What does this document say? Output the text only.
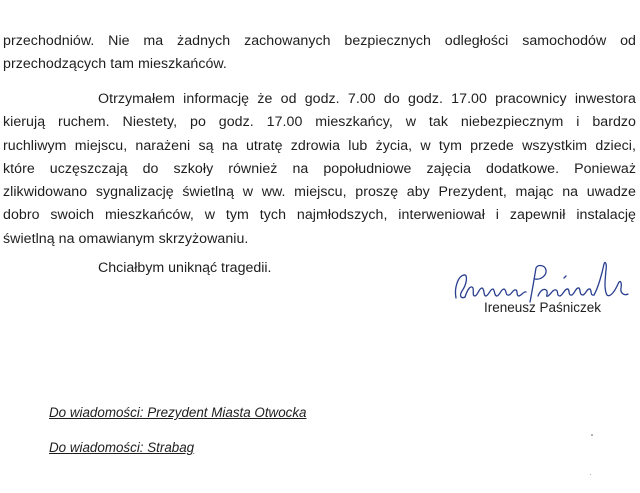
przechodniów. Nie ma żadnych zachowanych bezpiecznych odległości samochodów od
przechodzących tam mieszkańców.
Otrzymałem informację że od godz. 7.00 do godz. 17.00 pracownicy inwestora
kierują ruchem. Niestety, po godz. 17.00 mieszkańcy, w tak niebezpiecznym i bardzo
ruchliwym miejscu, narażeni są na utratę zdrowia lub życia, w tym przede wszystkim dzieci,
które uczęszczają do szkoły również na popołudniowe zajęcia dodatkowe. Ponieważ
zlikwidowano sygnalizację świetlną w ww. miejscu, proszę aby Prezydent, mając na uwadze
dobro swoich mieszkańców, w tym tych najmłodszych, interweniował i zapewnił instalację
świetlną na omawianym skrzyżowaniu.

Chciałbym uniknąć tragedii.

Ireneusz Paśniczek

Do wiadomości: Prezydent Miasta Otwocka

Do wiadomości: Strabag
